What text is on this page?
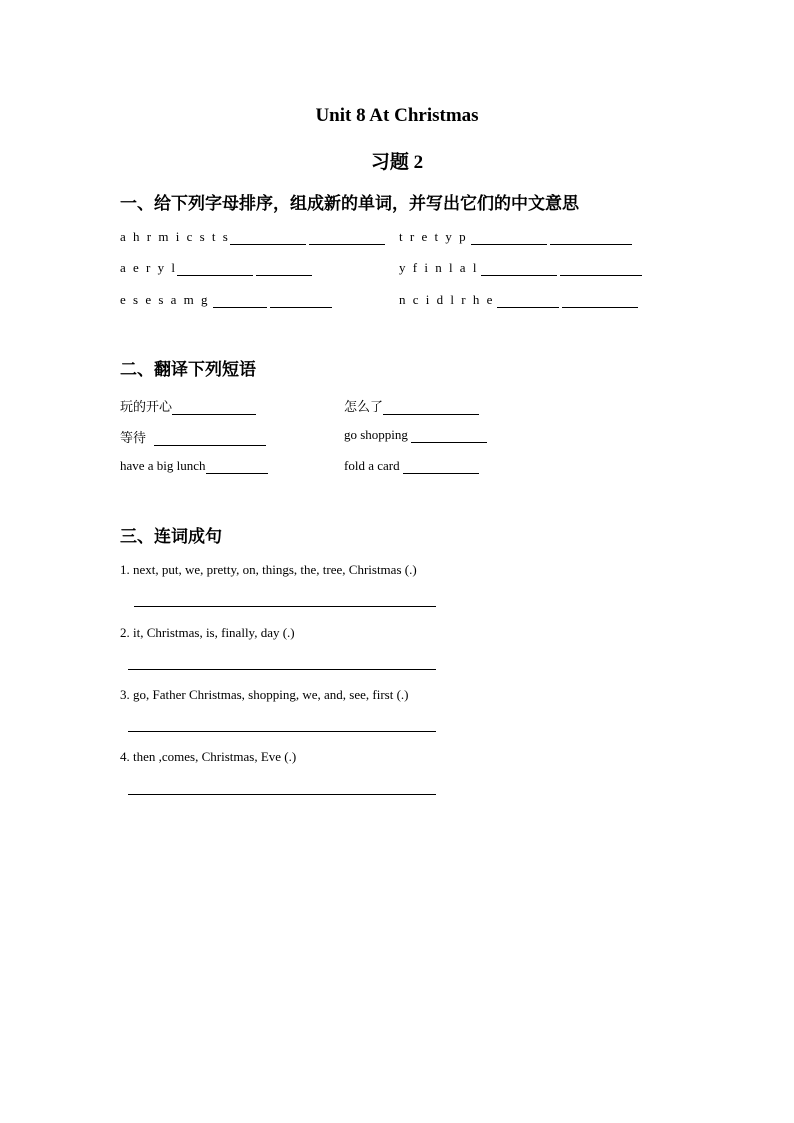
Unit 8 At Christmas
习题 2
一、给下列字母排序，组成新的单词，并写出它们的中文意思
a h r m i c s t s	t r e t y p
a e r y l	y f i n l a l
e s e s a m g	n c i d l r h e
二、翻译下列短语
玩的开心	怎么了
等待	go shopping
have a big lunch	fold a card
三、连词成句
1. next, put, we, pretty, on, things, the, tree, Christmas (.)
2. it, Christmas, is, finally, day (.)
3. go, Father Christmas, shopping, we, and, see, first (.)
4. then ,comes, Christmas, Eve (.)
